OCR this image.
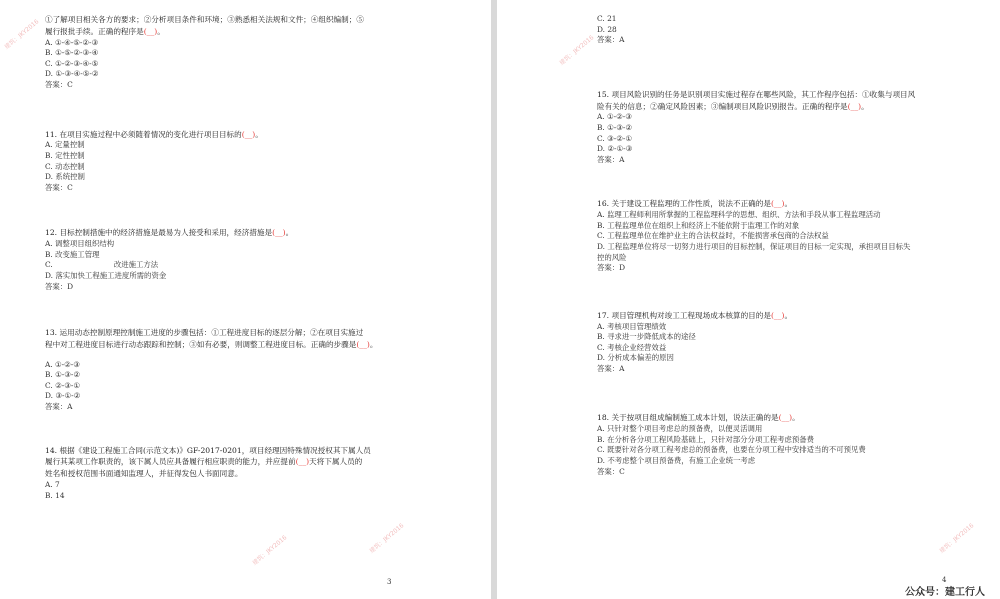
①了解项目相关各方的要求；②分析项目条件和环境；③熟悉相关法规和文件；④组织编制；⑤
履行报批手续。正确的程序是(__)。
A. ①-④-⑤-②-③
B. ①-⑤-②-③-④
C. ①-②-③-④-⑤
D. ①-③-④-⑤-②
答案：C
11. 在项目实施过程中必须随着情况的变化进行项目目标的(__)。
A. 定量控制
B. 定性控制
C. 动态控制
D. 系统控制
答案：C
12. 目标控制措施中的经济措施是最易为人接受和采用，经济措施是(__)。
A. 调整项目组织结构
B. 改变施工管理
C.                          改进施工方法
D. 落实加快工程施工进度所需的资金
答案：D
13. 运用动态控制原理控制施工进度的步骤包括：①工程进度目标的逐层分解；②在项目实施过
程中对工程进度目标进行动态跟踪和控制；③如有必要，则调整工程进度目标。正确的步骤是(__)。
A. ①-②-③
B. ①-③-②
C. ②-③-①
D. ③-①-②
答案：A
14. 根据《建设工程施工合同(示范文本)》GF-2017-0201，项目经理因特殊情况授权其下属人员
履行其某项工作职责的，该下属人员应具备履行相应职责的能力，并应提前(__)天将下属人员的
姓名和授权范围书面通知监理人，并征得发包人书面同意。
A. 7
B. 14
3
建筑：JKY2016
建筑：JKY2016	建筑：JKY2016
C. 21
D. 28
答案：A
15. 项目风险识别的任务是识别项目实施过程存在哪些风险，其工作程序包括：①收集与项目风
险有关的信息；②确定风险因素；③编制项目风险识别报告。正确的程序是(__)。
A. ①-②-③
B. ①-③-②
C. ③-②-①
D. ②-①-③
答案：A
16. 关于建设工程监理的工作性质，说法不正确的是(__)。
A. 监理工程师利用所掌握的工程监理科学的思想、组织、方法和手段从事工程监理活动
B. 工程监理单位在组织上和经济上不能依附于监理工作的对象
C. 工程监理单位在维护业主的合法权益时，不能损害承包商的合法权益
D. 工程监理单位将尽一切努力进行项目的目标控制，保证项目的目标一定实现，承担项目目标失
控的风险
答案：D
17. 项目管理机构对竣工工程现场成本核算的目的是(__)。
A. 考核项目管理绩效
B. 寻求进一步降低成本的途径
C. 考核企业经营效益
D. 分析成本偏差的原因
答案：A
18. 关于按项目组成编制施工成本计划，说法正确的是(__)。
A. 只针对整个项目考虑总的预备费，以便灵活调用
B. 在分析各分项工程风险基础上，只针对部分分项工程考虑预备费
C. 既要针对各分项工程考虑总的预备费，也要在分项工程中安排适当的不可预见费
D. 不考虑整个项目预备费，有施工企业统一考虑
答案：C
4
建筑：JKY2016
建筑：JKY2016
公众号：建工行人
